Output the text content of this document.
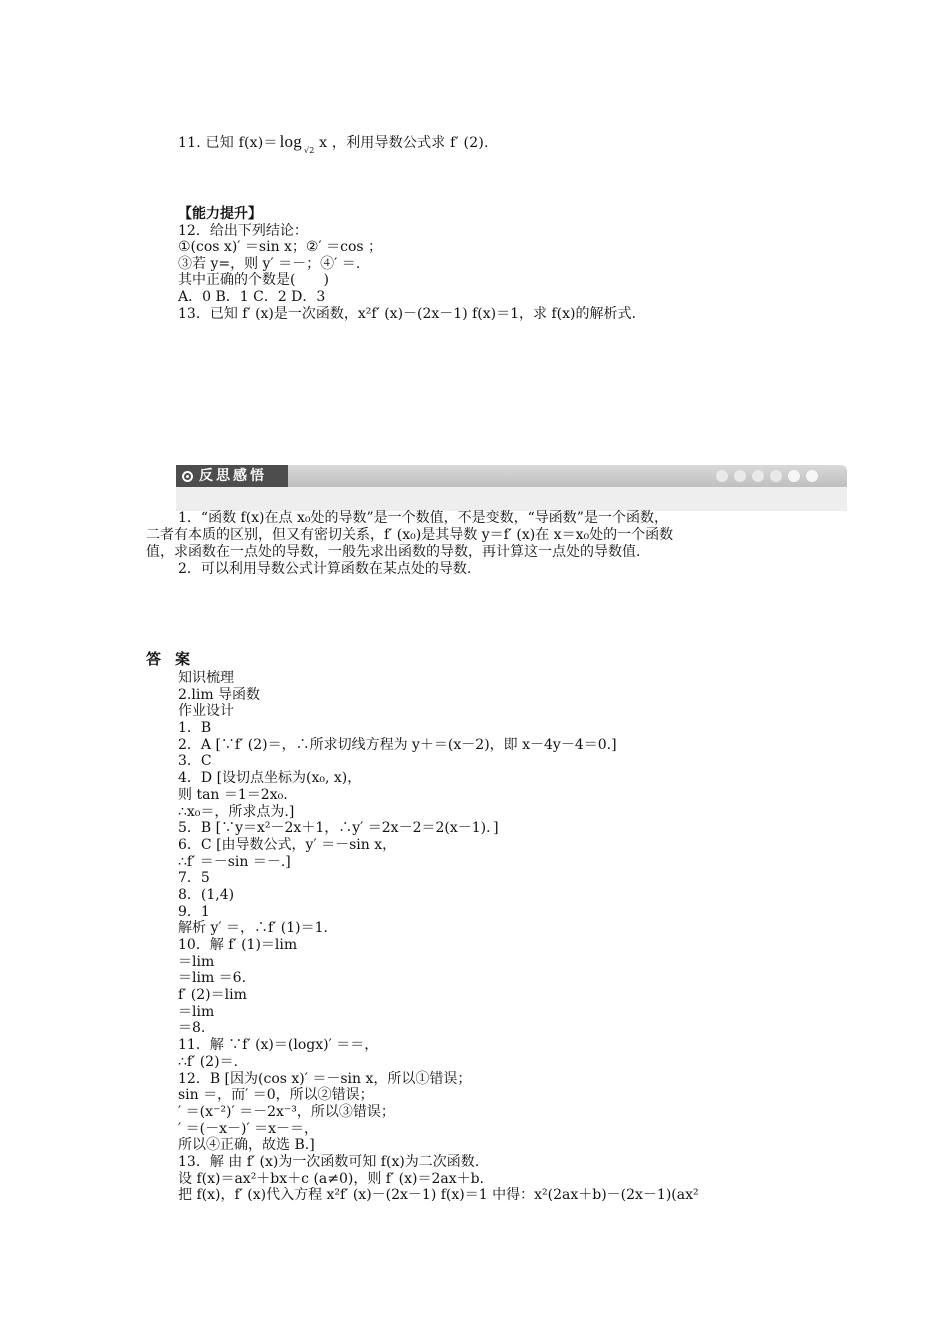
11. 已知 f(x)＝ log $_{√2}$ x ，利用导数公式求 f′ (2).
【能力提升】
12．给出下列结论：
①(cos x)′ ＝sin x；②′ ＝cos ；
③若 y=，则 y′ ＝－；④′ ＝.
其中正确的个数是(　　)
A．0 B．1 C．2 D．3
13．已知 f′ (x)是一次函数，x²f′ (x)－(2x－1) f(x)＝1，求 f(x)的解析式.
反思感悟
1．“函数 f(x)在点 x₀处的导数”是一个数值，不是变数，“导函数”是一个函数，
二者有本质的区别，但又有密切关系，f′ (x₀)是其导数 y＝f′ (x)在 x＝x₀处的一个函数
值，求函数在一点处的导数，一般先求出函数的导数，再计算这一点处的导数值.
2．可以利用导数公式计算函数在某点处的导数.
答案
知识梳理
2.lim 导函数
作业设计
1．B
2．A [∵f′ (2)＝，∴所求切线方程为 y＋＝(x－2)，即 x－4y－4＝0.]
3．C
4．D [设切点坐标为(x₀, x)，
则 tan ＝1＝2x₀.
∴x₀＝，所求点为.]
5．B [∵y＝x²－2x＋1，∴y′ ＝2x－2＝2(x－1)．]
6．C [由导数公式，y′ ＝－sin x，
∴f′ ＝－sin ＝－.]
7．5
8．(1,4)
9．1
解析 y′ ＝，∴f′ (1)＝1.
10．解 f′ (1)＝lim
＝lim
＝lim ＝6.
f′ (2)＝lim
＝lim
＝8.
11．解 ∵f′ (x)＝(logx)′ ＝＝，
∴f′ (2)＝.
12．B [因为(cos x)′ ＝－sin x，所以①错误；
sin ＝，而′ ＝0，所以②错误；
′ ＝(x⁻²)′ ＝－2x⁻³，所以③错误；
′ ＝(－x－)′ ＝x－＝，
所以④正确，故选 B.]
13．解 由 f′ (x)为一次函数可知 f(x)为二次函数.
设 f(x)＝ax²＋bx＋c (a≠0)，则 f′ (x)＝2ax＋b.
把 f(x)，f′ (x)代入方程 x²f′ (x)－(2x－1) f(x)＝1 中得：x²(2ax＋b)－(2x－1)(ax²
